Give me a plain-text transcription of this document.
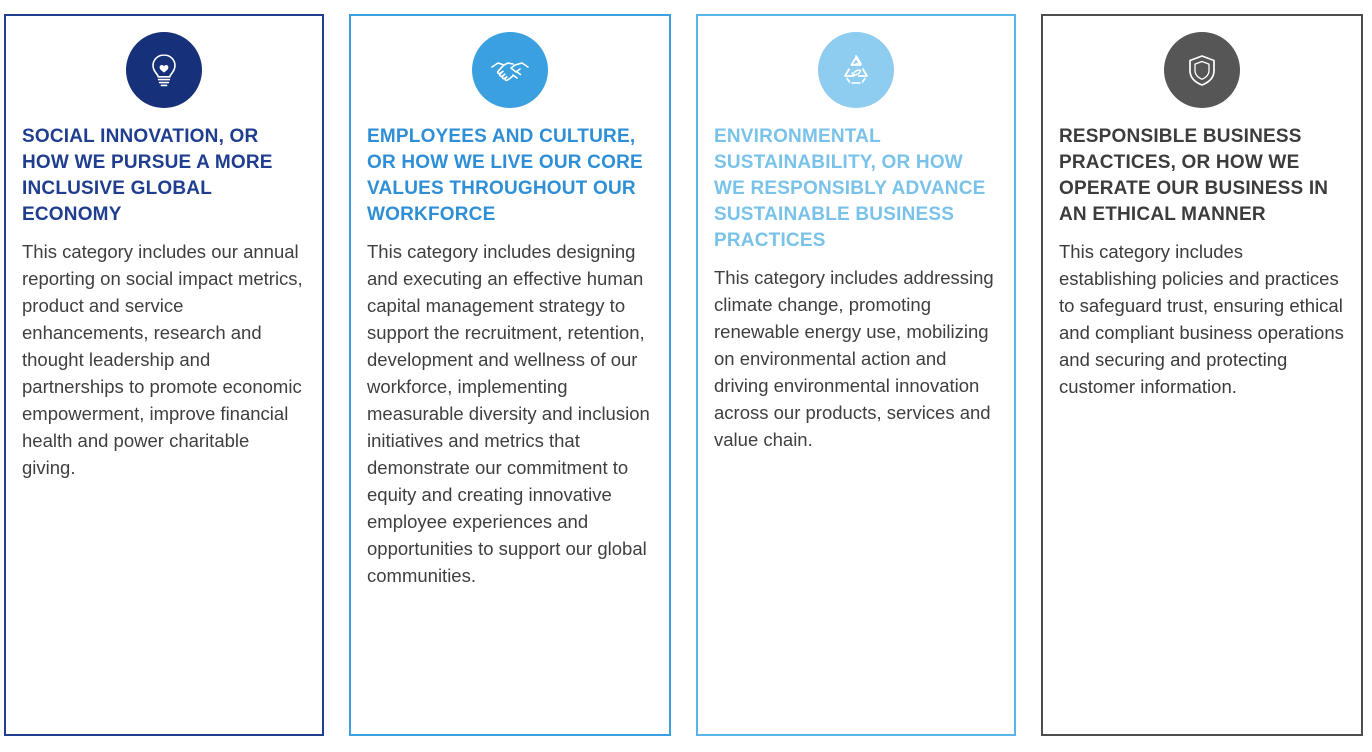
SOCIAL INNOVATION, OR HOW WE PURSUE A MORE INCLUSIVE GLOBAL ECONOMY

This category includes our annual reporting on social impact metrics, product and service enhancements, research and thought leadership and partnerships to promote economic empowerment, improve financial health and power charitable giving.

EMPLOYEES AND CULTURE, OR HOW WE LIVE OUR CORE VALUES THROUGHOUT OUR WORKFORCE

This category includes designing and executing an effective human capital management strategy to support the recruitment, retention, development and wellness of our workforce, implementing measurable diversity and inclusion initiatives and metrics that demonstrate our commitment to equity and creating innovative employee experiences and opportunities to support our global communities.

ENVIRONMENTAL SUSTAINABILITY, OR HOW WE RESPONSIBLY ADVANCE SUSTAINABLE BUSINESS PRACTICES

This category includes addressing climate change, promoting renewable energy use, mobilizing on environmental action and driving environmental innovation across our products, services and value chain.

RESPONSIBLE BUSINESS PRACTICES, OR HOW WE OPERATE OUR BUSINESS IN AN ETHICAL MANNER

This category includes establishing policies and practices to safeguard trust, ensuring ethical and compliant business operations and securing and protecting customer information.
